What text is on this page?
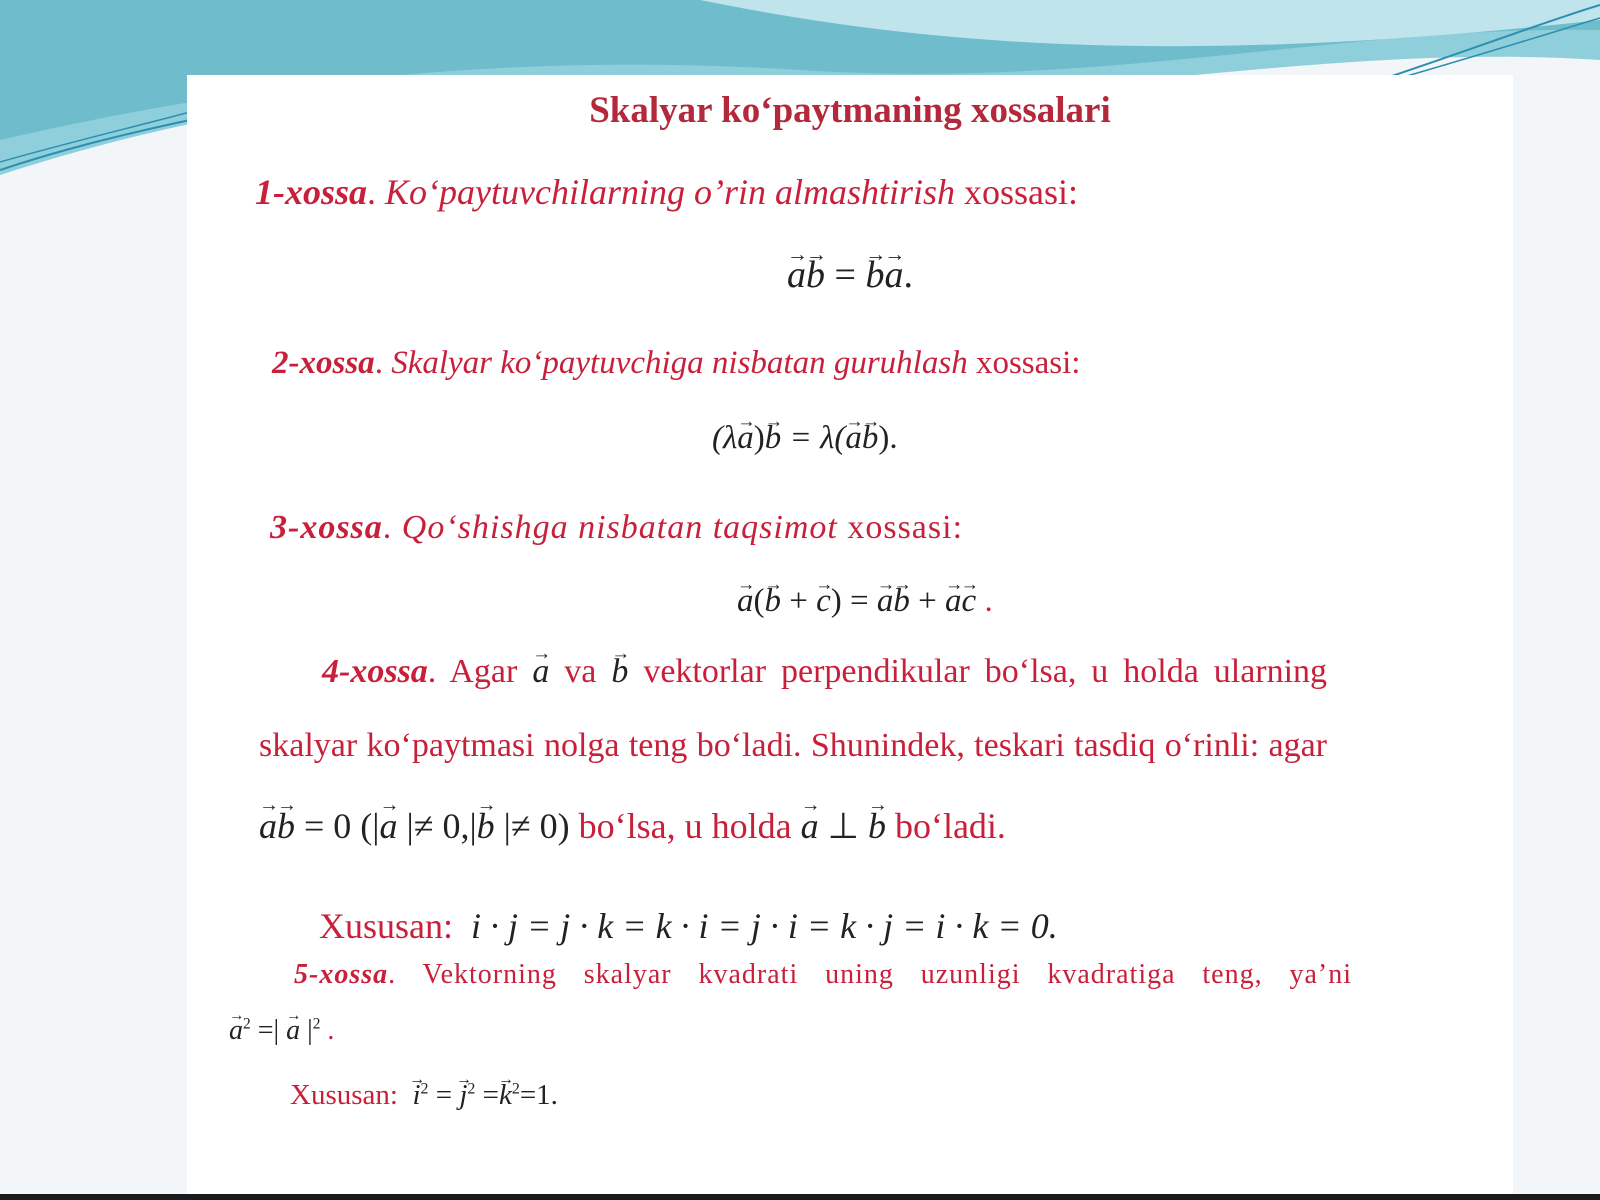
Skalyar ko‘paytmaning xossalari
1-xossa. Ko‘paytuvchilarning o’rin almashtirish xossasi:
→ a→ b = → b→ a.
2-xossa. Skalyar ko‘paytuvchiga nisbatan guruhlash xossasi:
(λ→ a)→ b = λ(→ a→ b).
3-xossa. Qo‘shishga nisbatan taqsimot xossasi:
→ a(→ b + → c) = → a→ b + → a→ c .
4-xossa. Agar → a va → b vektorlar perpendikular bo‘lsa, u holda ularning
skalyar ko‘paytmasi nolga teng bo‘ladi. Shunindek, teskari tasdiq o‘rinli: agar
→ a→ b = 0 (|→ a |≠ 0,|→ b |≠ 0) bo‘lsa, u holda → a ⊥ → b bo‘ladi.
Xususan: i · j = j · k = k · i = j · i = k · j = i · k = 0.
5-xossa. Vektorning skalyar kvadrati uning uzunligi kvadratiga teng, ya’ni
→ $a^2$ =| → a $|^2$ .
Xususan: → $i^2$ = → $j^2 =\to k^2=1$.
